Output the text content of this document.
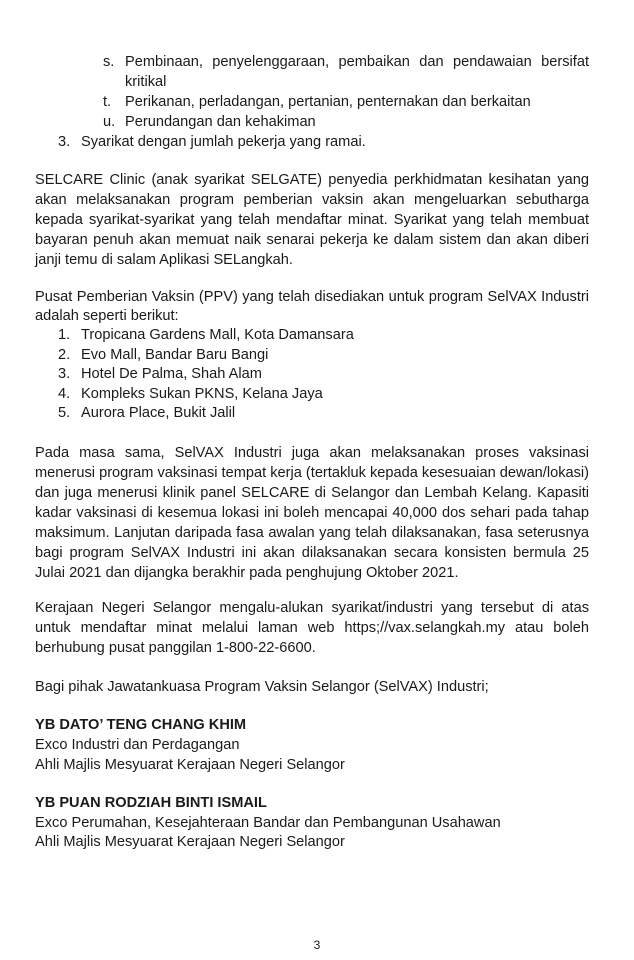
s. Pembinaan, penyelenggaraan, pembaikan dan pendawaian bersifat
kritikal
t. Perikanan, perladangan, pertanian, penternakan dan berkaitan
u. Perundangan dan kehakiman
3. Syarikat dengan jumlah pekerja yang ramai.
SELCARE Clinic (anak syarikat SELGATE) penyedia perkhidmatan kesihatan yang
akan melaksanakan program pemberian vaksin akan mengeluarkan sebutharga
kepada syarikat-syarikat yang telah mendaftar minat. Syarikat yang telah membuat
bayaran penuh akan memuat naik senarai pekerja ke dalam sistem dan akan diberi
janji temu di salam Aplikasi SELangkah.
Pusat Pemberian Vaksin (PPV) yang telah disediakan untuk program SelVAX Industri
adalah seperti berikut:
1. Tropicana Gardens Mall, Kota Damansara
2. Evo Mall, Bandar Baru Bangi
3. Hotel De Palma, Shah Alam
4. Kompleks Sukan PKNS, Kelana Jaya
5. Aurora Place, Bukit Jalil
Pada masa sama, SelVAX Industri juga akan melaksanakan proses vaksinasi
menerusi program vaksinasi tempat kerja (tertakluk kepada kesesuaian dewan/lokasi)
dan juga menerusi klinik panel SELCARE di Selangor dan Lembah Kelang. Kapasiti
kadar vaksinasi di kesemua lokasi ini boleh mencapai 40,000 dos sehari pada tahap
maksimum. Lanjutan daripada fasa awalan yang telah dilaksanakan, fasa seterusnya
bagi program SelVAX Industri ini akan dilaksanakan secara konsisten bermula 25
Julai 2021 dan dijangka berakhir pada penghujung Oktober 2021.
Kerajaan Negeri Selangor mengalu-alukan syarikat/industri yang tersebut di atas
untuk mendaftar minat melalui laman web https;//vax.selangkah.my atau boleh
berhubung pusat panggilan 1-800-22-6600.
Bagi pihak Jawatankuasa Program Vaksin Selangor (SelVAX) Industri;
YB DATO’ TENG CHANG KHIM
Exco Industri dan Perdagangan
Ahli Majlis Mesyuarat Kerajaan Negeri Selangor
YB PUAN RODZIAH BINTI ISMAIL
Exco Perumahan, Kesejahteraan Bandar dan Pembangunan Usahawan
Ahli Majlis Mesyuarat Kerajaan Negeri Selangor
3
